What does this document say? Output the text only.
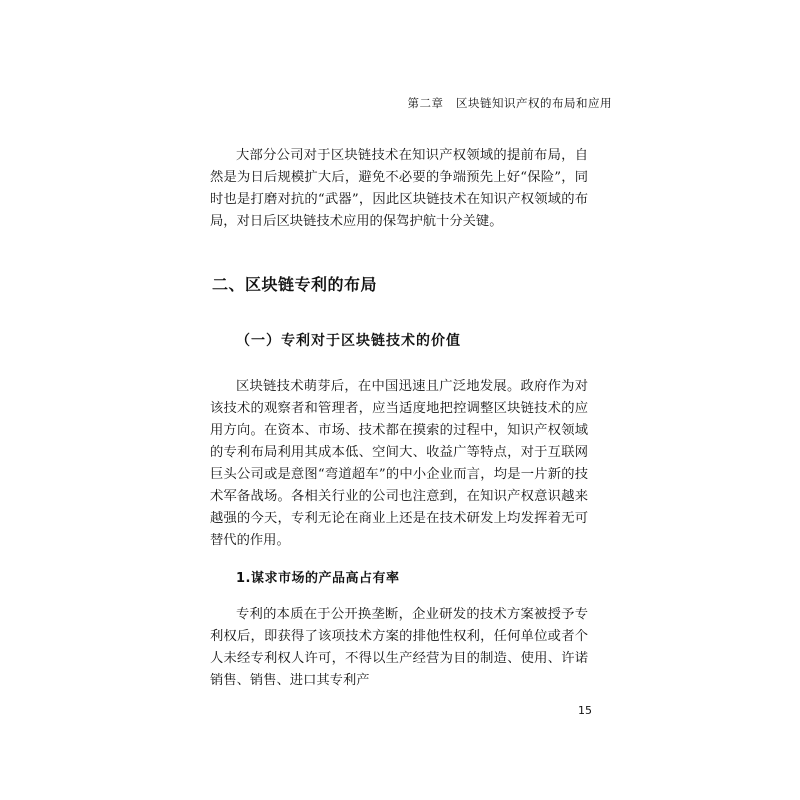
第二章   区块链知识产权的布局和应用

大部分公司对于区块链技术在知识产权领域的提前布局，自然是为日后规模扩大后，避免不必要的争端预先上好“保险”，同时也是打磨对抗的“武器”，因此区块链技术在知识产权领域的布局，对日后区块链技术应用的保驾护航十分关键。

二、区块链专利的布局
（一）专利对于区块链技术的价值

区块链技术萌芽后，在中国迅速且广泛地发展。政府作为对该技术的观察者和管理者，应当适度地把控调整区块链技术的应用方向。在资本、市场、技术都在摸索的过程中，知识产权领域的专利布局利用其成本低、空间大、收益广等特点，对于互联网巨头公司或是意图“弯道超车”的中小企业而言，均是一片新的技术军备战场。各相关行业的公司也注意到，在知识产权意识越来越强的今天，专利无论在商业上还是在技术研发上均发挥着无可替代的作用。

1.谋求市场的产品高占有率

专利的本质在于公开换垄断，企业研发的技术方案被授予专利权后，即获得了该项技术方案的排他性权利，任何单位或者个人未经专利权人许可，不得以生产经营为目的制造、使用、许诺销售、销售、进口其专利产

15
